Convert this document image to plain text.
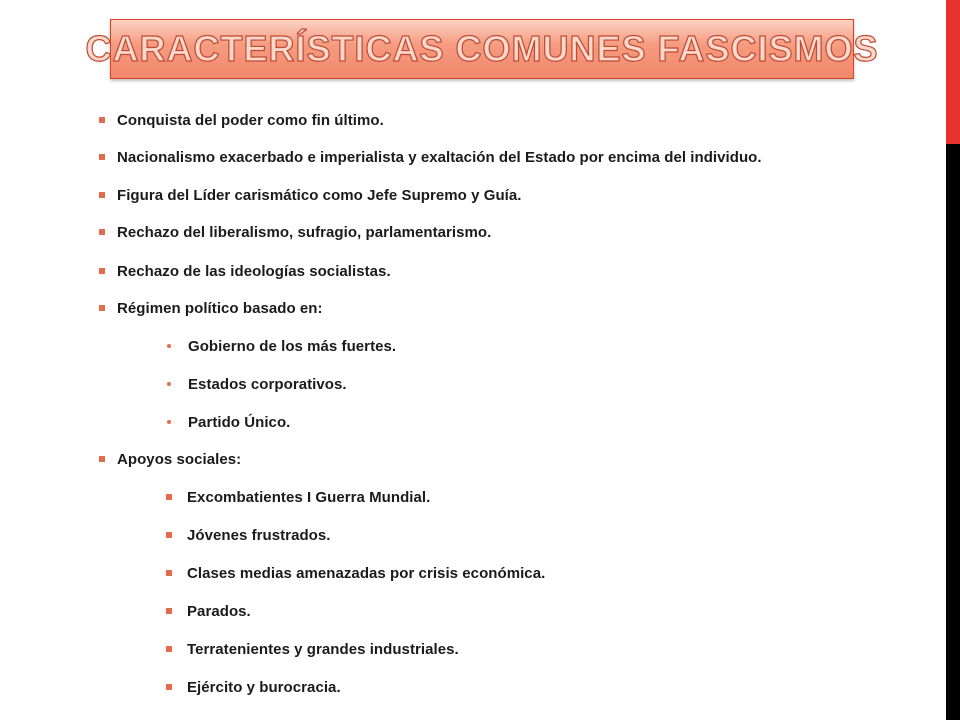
CARACTERÍSTICAS COMUNES FASCISMOS
Conquista del poder como fin último.
Nacionalismo exacerbado e imperialista y exaltación del Estado por encima del individuo.
Figura del Líder carismático como Jefe Supremo y Guía.
Rechazo del liberalismo, sufragio, parlamentarismo.
Rechazo de las ideologías socialistas.
Régimen político basado en:
Gobierno de los más fuertes.
Estados corporativos.
Partido Único.
Apoyos sociales:
Excombatientes I Guerra Mundial.
Jóvenes frustrados.
Clases medias amenazadas por crisis económica.
Parados.
Terratenientes y grandes industriales.
Ejército y burocracia.
